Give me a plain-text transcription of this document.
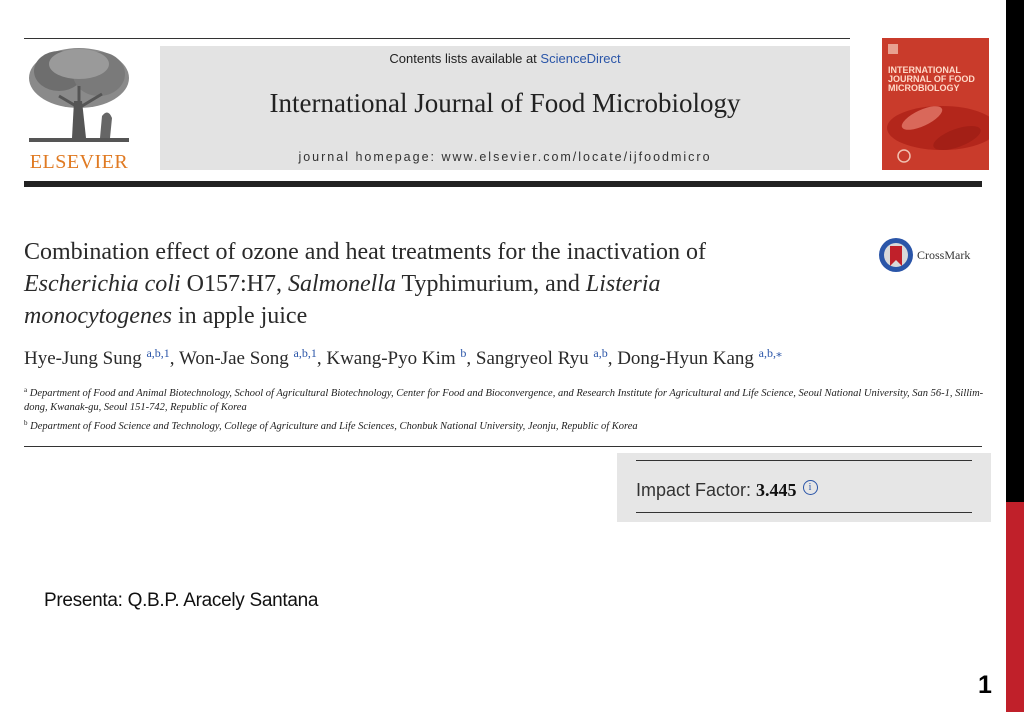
ELSEVIER
Contents lists available at ScienceDirect
International Journal of Food Microbiology
journal homepage: www.elsevier.com/locate/ijfoodmicro
INTERNATIONAL JOURNAL OF FOOD MICROBIOLOGY
Combination effect of ozone and heat treatments for the inactivation of
Escherichia coli O157:H7, Salmonella Typhimurium, and Listeria
monocytogenes in apple juice
CrossMark
Hye-Jung Sung $^{a,b,1}$, Won-Jae Song $^{a,b,1}$, Kwang-Pyo Kim $^b$, Sangryeol Ryu $^{a,b}$, Dong-Hyun Kang $^{a,b,⁎}$
$^a$ Department of Food and Animal Biotechnology, School of Agricultural Biotechnology, Center for Food and Bioconvergence, and Research Institute for Agricultural and Life Science, Seoul National University, San 56-1, Sillim-dong, Kwanak-gu, Seoul 151-742, Republic of Korea
$^b$ Department of Food Science and Technology, College of Agriculture and Life Sciences, Chonbuk National University, Jeonju, Republic of Korea
Impact Factor: 3.445 i
Presenta: Q.B.P. Aracely Santana
1
